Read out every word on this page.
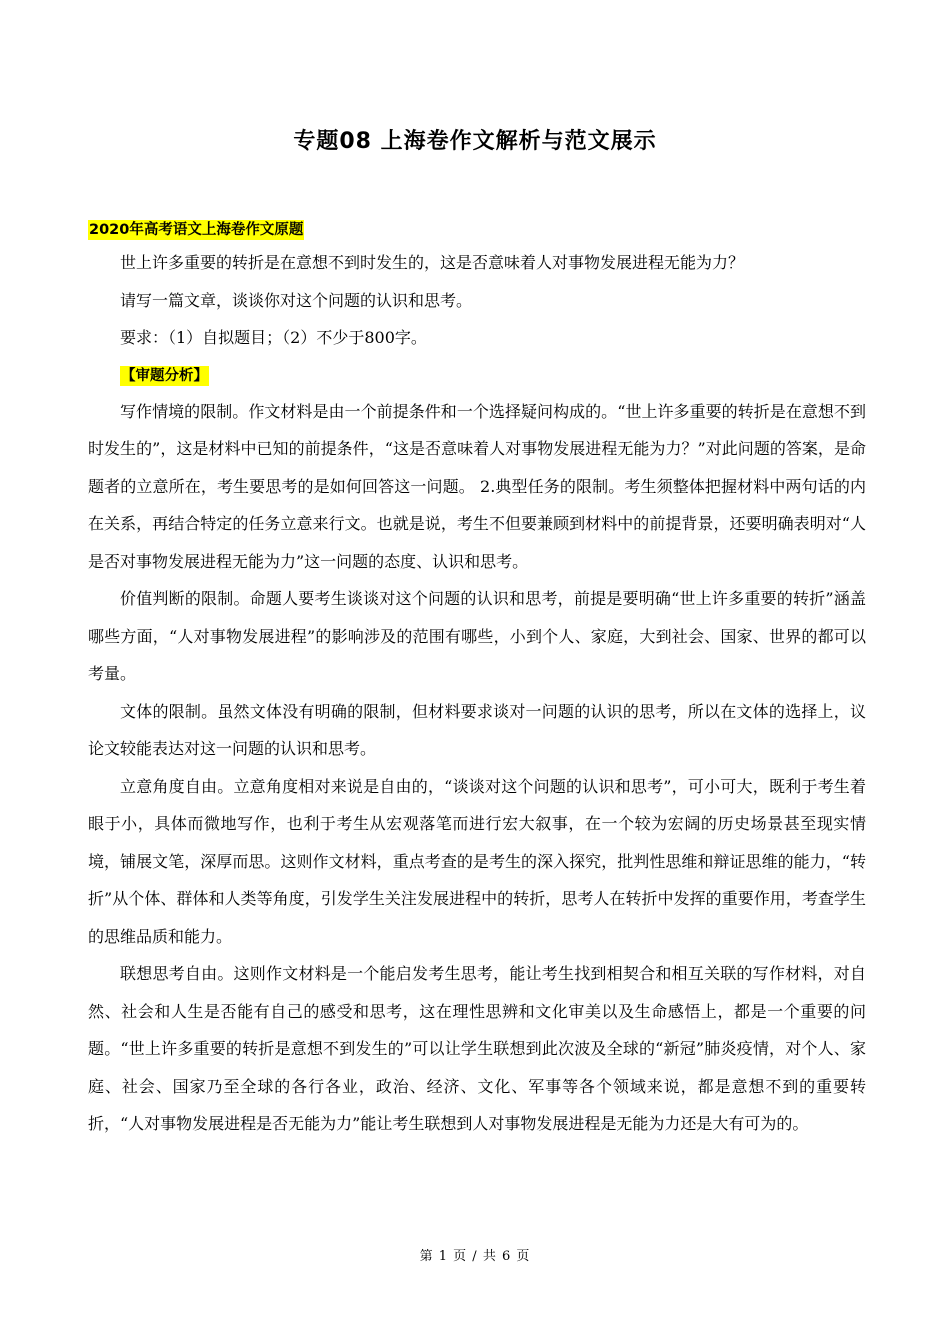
专题08 上海卷作文解析与范文展示
2020年高考语文上海卷作文原题

世上许多重要的转折是在意想不到时发生的，这是否意味着人对事物发展进程无能为力？

请写一篇文章，谈谈你对这个问题的认识和思考。

要求：（1）自拟题目；（2）不少于800字。

【审题分析】

写作情境的限制。作文材料是由一个前提条件和一个选择疑问构成的。“世上许多重要的转折是在意想不到时发生的”，这是材料中已知的前提条件，“这是否意味着人对事物发展进程无能为力？”对此问题的答案，是命题者的立意所在，考生要思考的是如何回答这一问题。 2.典型任务的限制。考生须整体把握材料中两句话的内在关系，再结合特定的任务立意来行文。也就是说，考生不但要兼顾到材料中的前提背景，还要明确表明对“人是否对事物发展进程无能为力”这一问题的态度、认识和思考。

价值判断的限制。命题人要考生谈谈对这个问题的认识和思考，前提是要明确“世上许多重要的转折”涵盖哪些方面，“人对事物发展进程”的影响涉及的范围有哪些，小到个人、家庭，大到社会、国家、世界的都可以考量。

文体的限制。虽然文体没有明确的限制，但材料要求谈对一问题的认识的思考，所以在文体的选择上，议论文较能表达对这一问题的认识和思考。

立意角度自由。立意角度相对来说是自由的，“谈谈对这个问题的认识和思考”，可小可大，既利于考生着眼于小，具体而微地写作，也利于考生从宏观落笔而进行宏大叙事，在一个较为宏阔的历史场景甚至现实情境，铺展文笔，深厚而思。这则作文材料，重点考查的是考生的深入探究，批判性思维和辩证思维的能力，“转折”从个体、群体和人类等角度，引发学生关注发展进程中的转折，思考人在转折中发挥的重要作用，考查学生的思维品质和能力。

联想思考自由。这则作文材料是一个能启发考生思考，能让考生找到相契合和相互关联的写作材料，对自然、社会和人生是否能有自己的感受和思考，这在理性思辨和文化审美以及生命感悟上，都是一个重要的问题。“世上许多重要的转折是意想不到发生的”可以让学生联想到此次波及全球的“新冠”肺炎疫情，对个人、家庭、社会、国家乃至全球的各行各业，政治、经济、文化、军事等各个领域来说，都是意想不到的重要转折，“人对事物发展进程是否无能为力”能让考生联想到人对事物发展进程是无能为力还是大有可为的。

第 1 页 / 共 6 页
